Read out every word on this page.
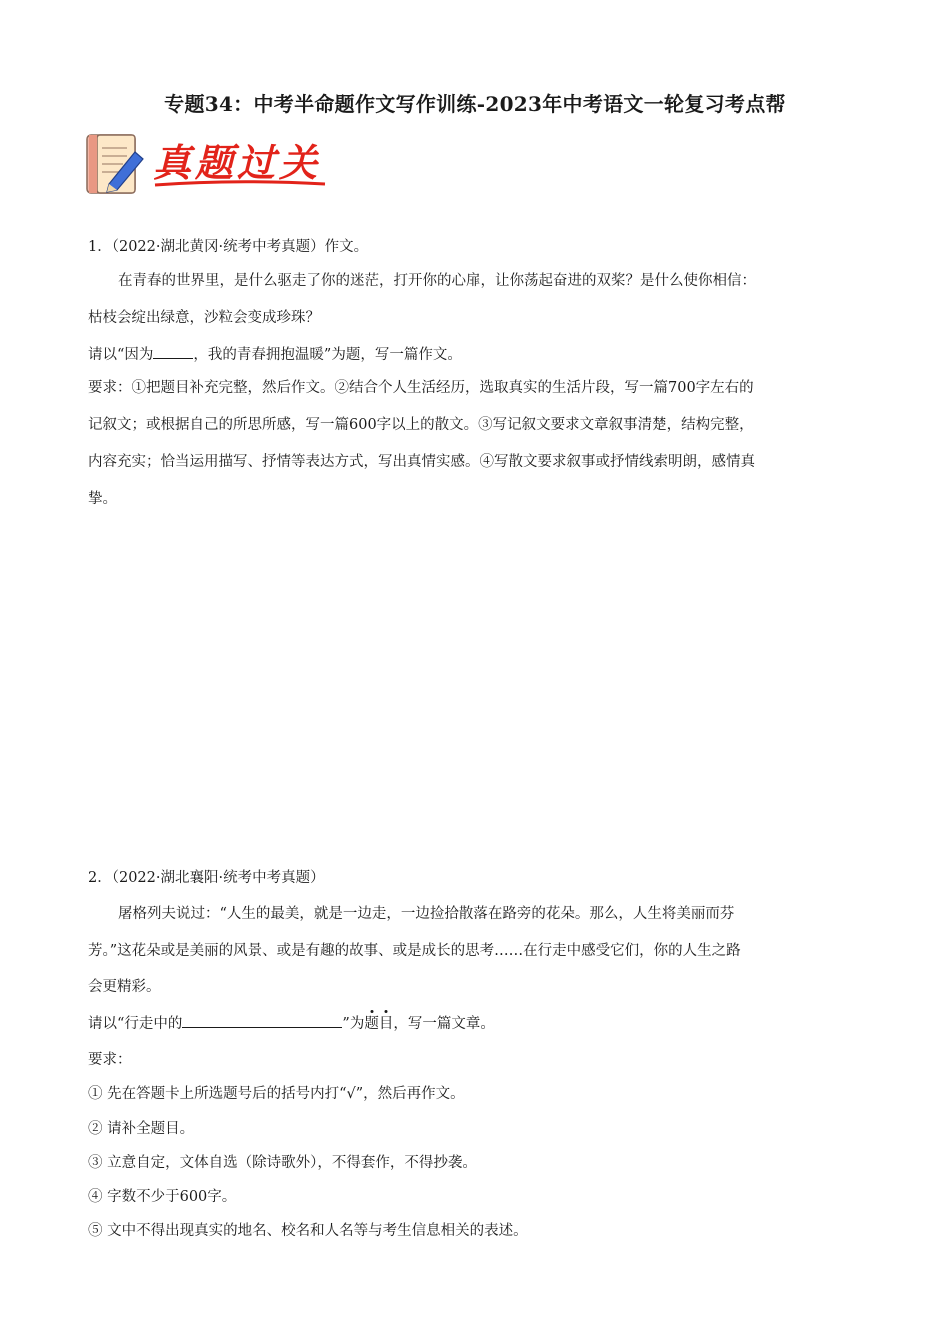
专题34：中考半命题作文写作训练-2023年中考语文一轮复习考点帮
真题过关
1．（2022·湖北黄冈·统考中考真题）作文。
在青春的世界里，是什么驱走了你的迷茫，打开你的心扉，让你荡起奋进的双桨？是什么使你相信：
枯枝会绽出绿意，沙粒会变成珍珠？
请以“因为	，我的青春拥抱温暖”为题，写一篇作文。
要求：①把题目补充完整，然后作文。②结合个人生活经历，选取真实的生活片段，写一篇700字左右的
记叙文；或根据自己的所思所感，写一篇600字以上的散文。③写记叙文要求文章叙事清楚，结构完整，
内容充实；恰当运用描写、抒情等表达方式，写出真情实感。④写散文要求叙事或抒情线索明朗，感情真
挚。
2．（2022·湖北襄阳·统考中考真题）
屠格列夫说过：“人生的最美，就是一边走，一边捡拾散落在路旁的花朵。那么，人生将美丽而芬
芳。”这花朵或是美丽的风景、或是有趣的故事、或是成长的思考……在行走中感受它们，你的人生之路
会更精彩。
请以“行走中的	”为题目，写一篇文章。
要求：
① 先在答题卡上所选题号后的括号内打“√”，然后再作文。
② 请补全题目。
③ 立意自定，文体自选（除诗歌外），不得套作，不得抄袭。
④ 字数不少于600字。
⑤ 文中不得出现真实的地名、校名和人名等与考生信息相关的表述。
